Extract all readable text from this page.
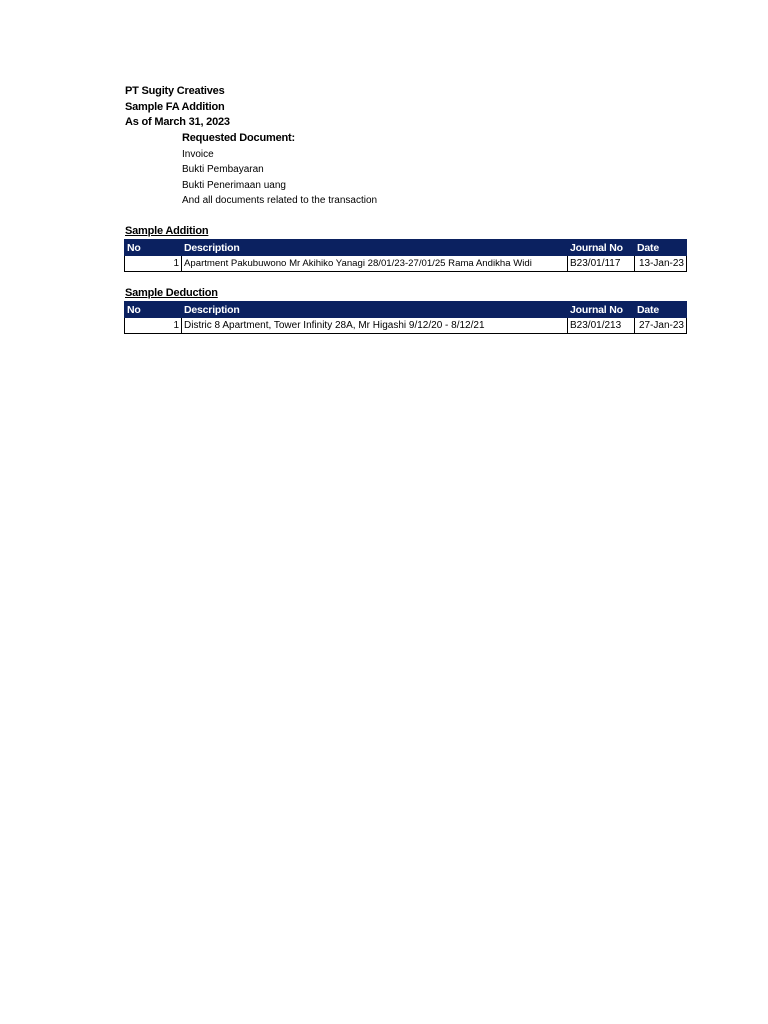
PT Sugity Creatives
Sample FA Addition
As of March 31, 2023
Requested Document:
Invoice
Bukti Pembayaran
Bukti Penerimaan uang
And all documents related to the transaction
Sample Addition
No	Description	Journal No	Date
1	Apartment Pakubuwono Mr Akihiko Yanagi 28/01/23-27/01/25 Rama Andikha Widi	B23/01/117	13-Jan-23
Sample Deduction
No	Description	Journal No	Date
1	Distric 8 Apartment, Tower Infinity 28A, Mr Higashi 9/12/20 - 8/12/21	B23/01/213	27-Jan-23
